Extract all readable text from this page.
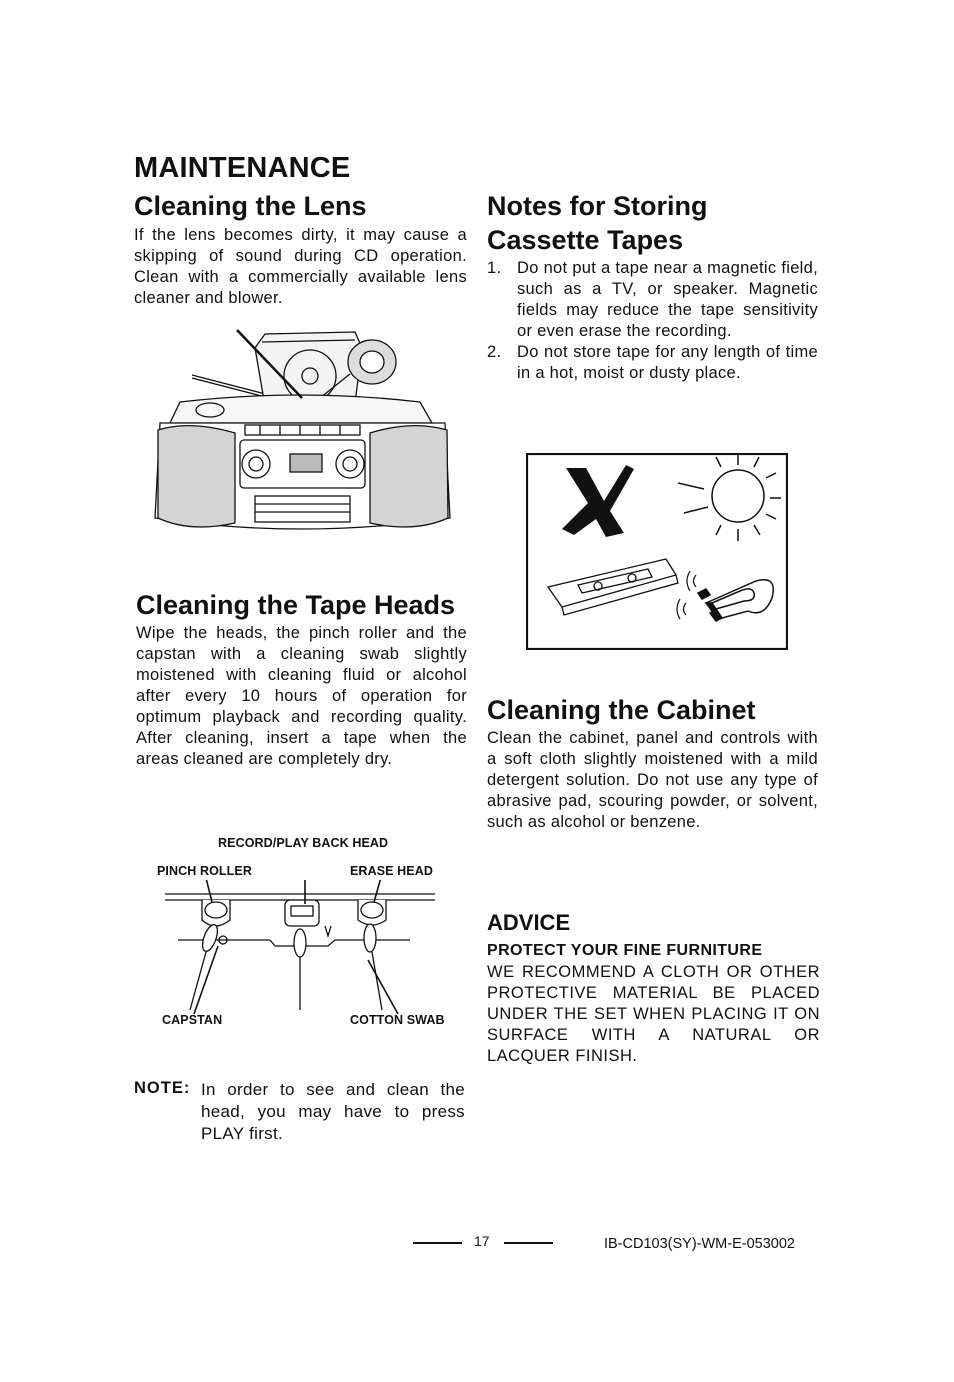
MAINTENANCE
Cleaning the Lens

If the lens becomes dirty, it may cause a skipping of sound during CD operation. Clean with a commercially available lens cleaner and blower.

Cleaning the Tape Heads

Wipe the heads, the pinch roller and the capstan with a cleaning swab slightly moistened with cleaning fluid or alcohol after every 10 hours of operation for optimum playback and recording quality. After cleaning, insert a tape when the areas cleaned are completely dry.

RECORD/PLAY BACK HEAD
PINCH ROLLER	ERASE HEAD
CAPSTAN	COTTON SWAB
NOTE: In order to see and clean the head, you may have to press PLAY first.

Notes for Storing
Cassette Tapes
1. Do not put a tape near a magnetic field, such as a TV, or speaker. Magnetic fields may reduce the tape sensitivity or even erase the recording.
2. Do not store tape for any length of time in a hot, moist or dusty place.
Cleaning the Cabinet

Clean the cabinet, panel and controls with a soft cloth slightly moistened with a mild detergent solution. Do not use any type of abrasive pad, scouring powder, or solvent, such as alcohol or benzene.

ADVICE
PROTECT YOUR FINE FURNITURE

WE RECOMMEND A CLOTH OR OTHER PROTECTIVE MATERIAL BE PLACED UNDER THE SET WHEN PLACING IT ON SURFACE WITH A NATURAL OR LACQUER FINISH.

17	IB-CD103(SY)-WM-E-053002
